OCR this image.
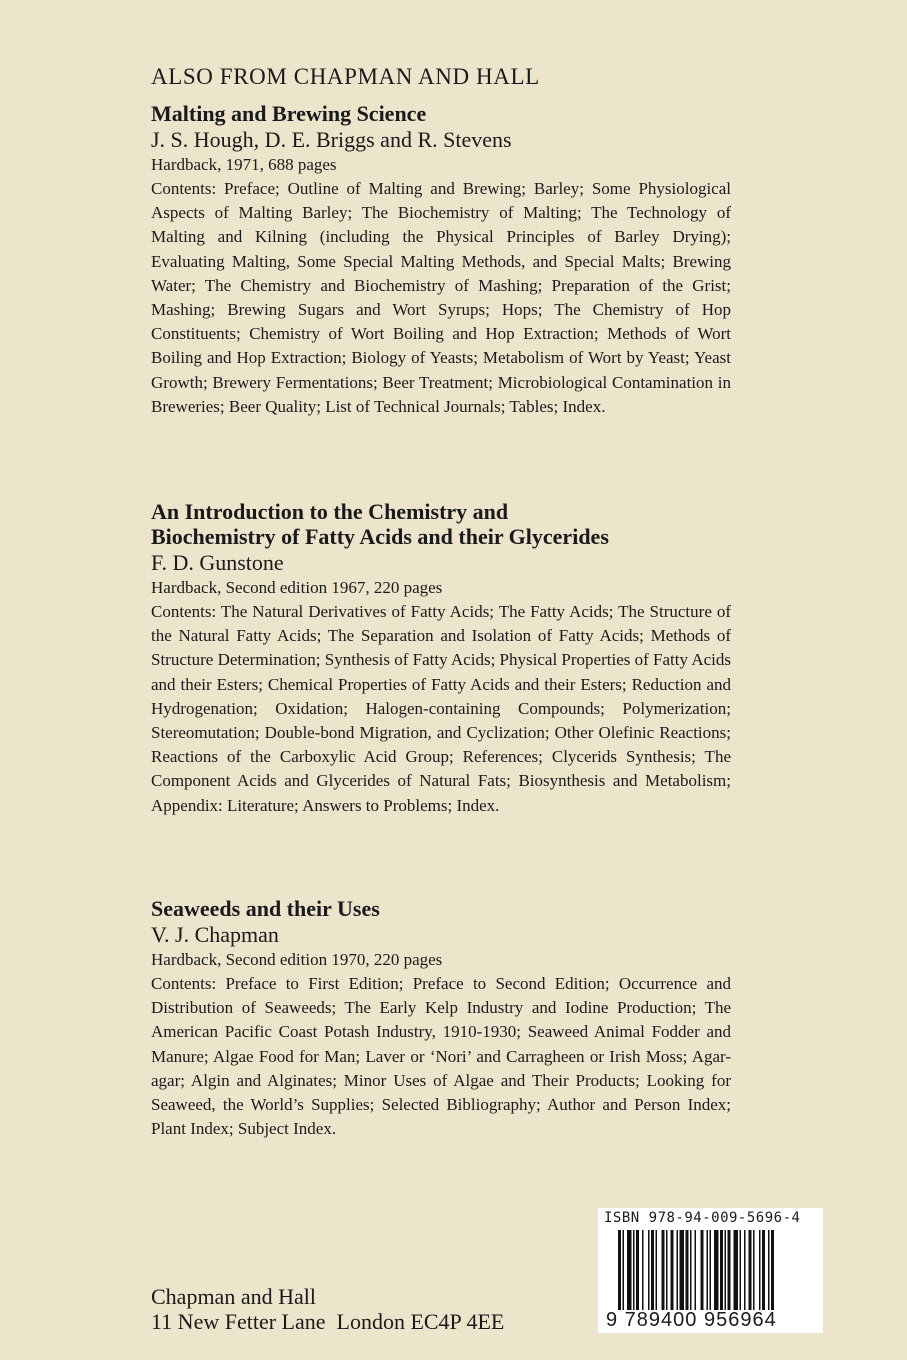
ALSO FROM CHAPMAN AND HALL
Malting and Brewing Science
J. S. Hough, D. E. Briggs and R. Stevens
Hardback, 1971, 688 pages
Contents: Preface; Outline of Malting and Brewing; Barley; Some Physiological Aspects of Malting Barley; The Biochemistry of Malting; The Technology of Malting and Kilning (including the Physical Principles of Barley Drying); Evaluating Malting, Some Special Malting Methods, and Special Malts; Brewing Water; The Chemistry and Biochemistry of Mashing; Preparation of the Grist; Mashing; Brewing Sugars and Wort Syrups; Hops; The Chemistry of Hop Constituents; Chemistry of Wort Boiling and Hop Extraction; Methods of Wort Boiling and Hop Extraction; Biology of Yeasts; Metabolism of Wort by Yeast; Yeast Growth; Brewery Fermentations; Beer Treatment; Microbiological Contamination in Breweries; Beer Quality; List of Technical Journals; Tables; Index.
An Introduction to the Chemistry and
Biochemistry of Fatty Acids and their Glycerides
F. D. Gunstone
Hardback, Second edition 1967, 220 pages
Contents: The Natural Derivatives of Fatty Acids; The Fatty Acids; The Structure of the Natural Fatty Acids; The Separation and Isolation of Fatty Acids; Methods of Structure Determination; Synthesis of Fatty Acids; Physical Properties of Fatty Acids and their Esters; Chemical Properties of Fatty Acids and their Esters; Reduction and Hydrogenation; Oxidation; Halogen-containing Compounds; Polymerization; Stereomutation; Double-bond Migration, and Cyclization; Other Olefinic Reactions; Reactions of the Carboxylic Acid Group; References; Clycerids Synthesis; The Component Acids and Glycerides of Natural Fats; Biosynthesis and Metabolism; Appendix: Literature; Answers to Problems; Index.
Seaweeds and their Uses
V. J. Chapman
Hardback, Second edition 1970, 220 pages
Contents: Preface to First Edition; Preface to Second Edition; Occurrence and Distribution of Seaweeds; The Early Kelp Industry and Iodine Production; The American Pacific Coast Potash Industry, 1910-1930; Seaweed Animal Fodder and Manure; Algae Food for Man; Laver or ‘Nori’ and Carragheen or Irish Moss; Agar-agar; Algin and Alginates; Minor Uses of Algae and Their Products; Looking for Seaweed, the World’s Supplies; Selected Bibliography; Author and Person Index; Plant Index; Subject Index.
Chapman and Hall
11 New Fetter Lane  London EC4P 4EE
ISBN 978-94-009-5696-4
9 789400 956964
